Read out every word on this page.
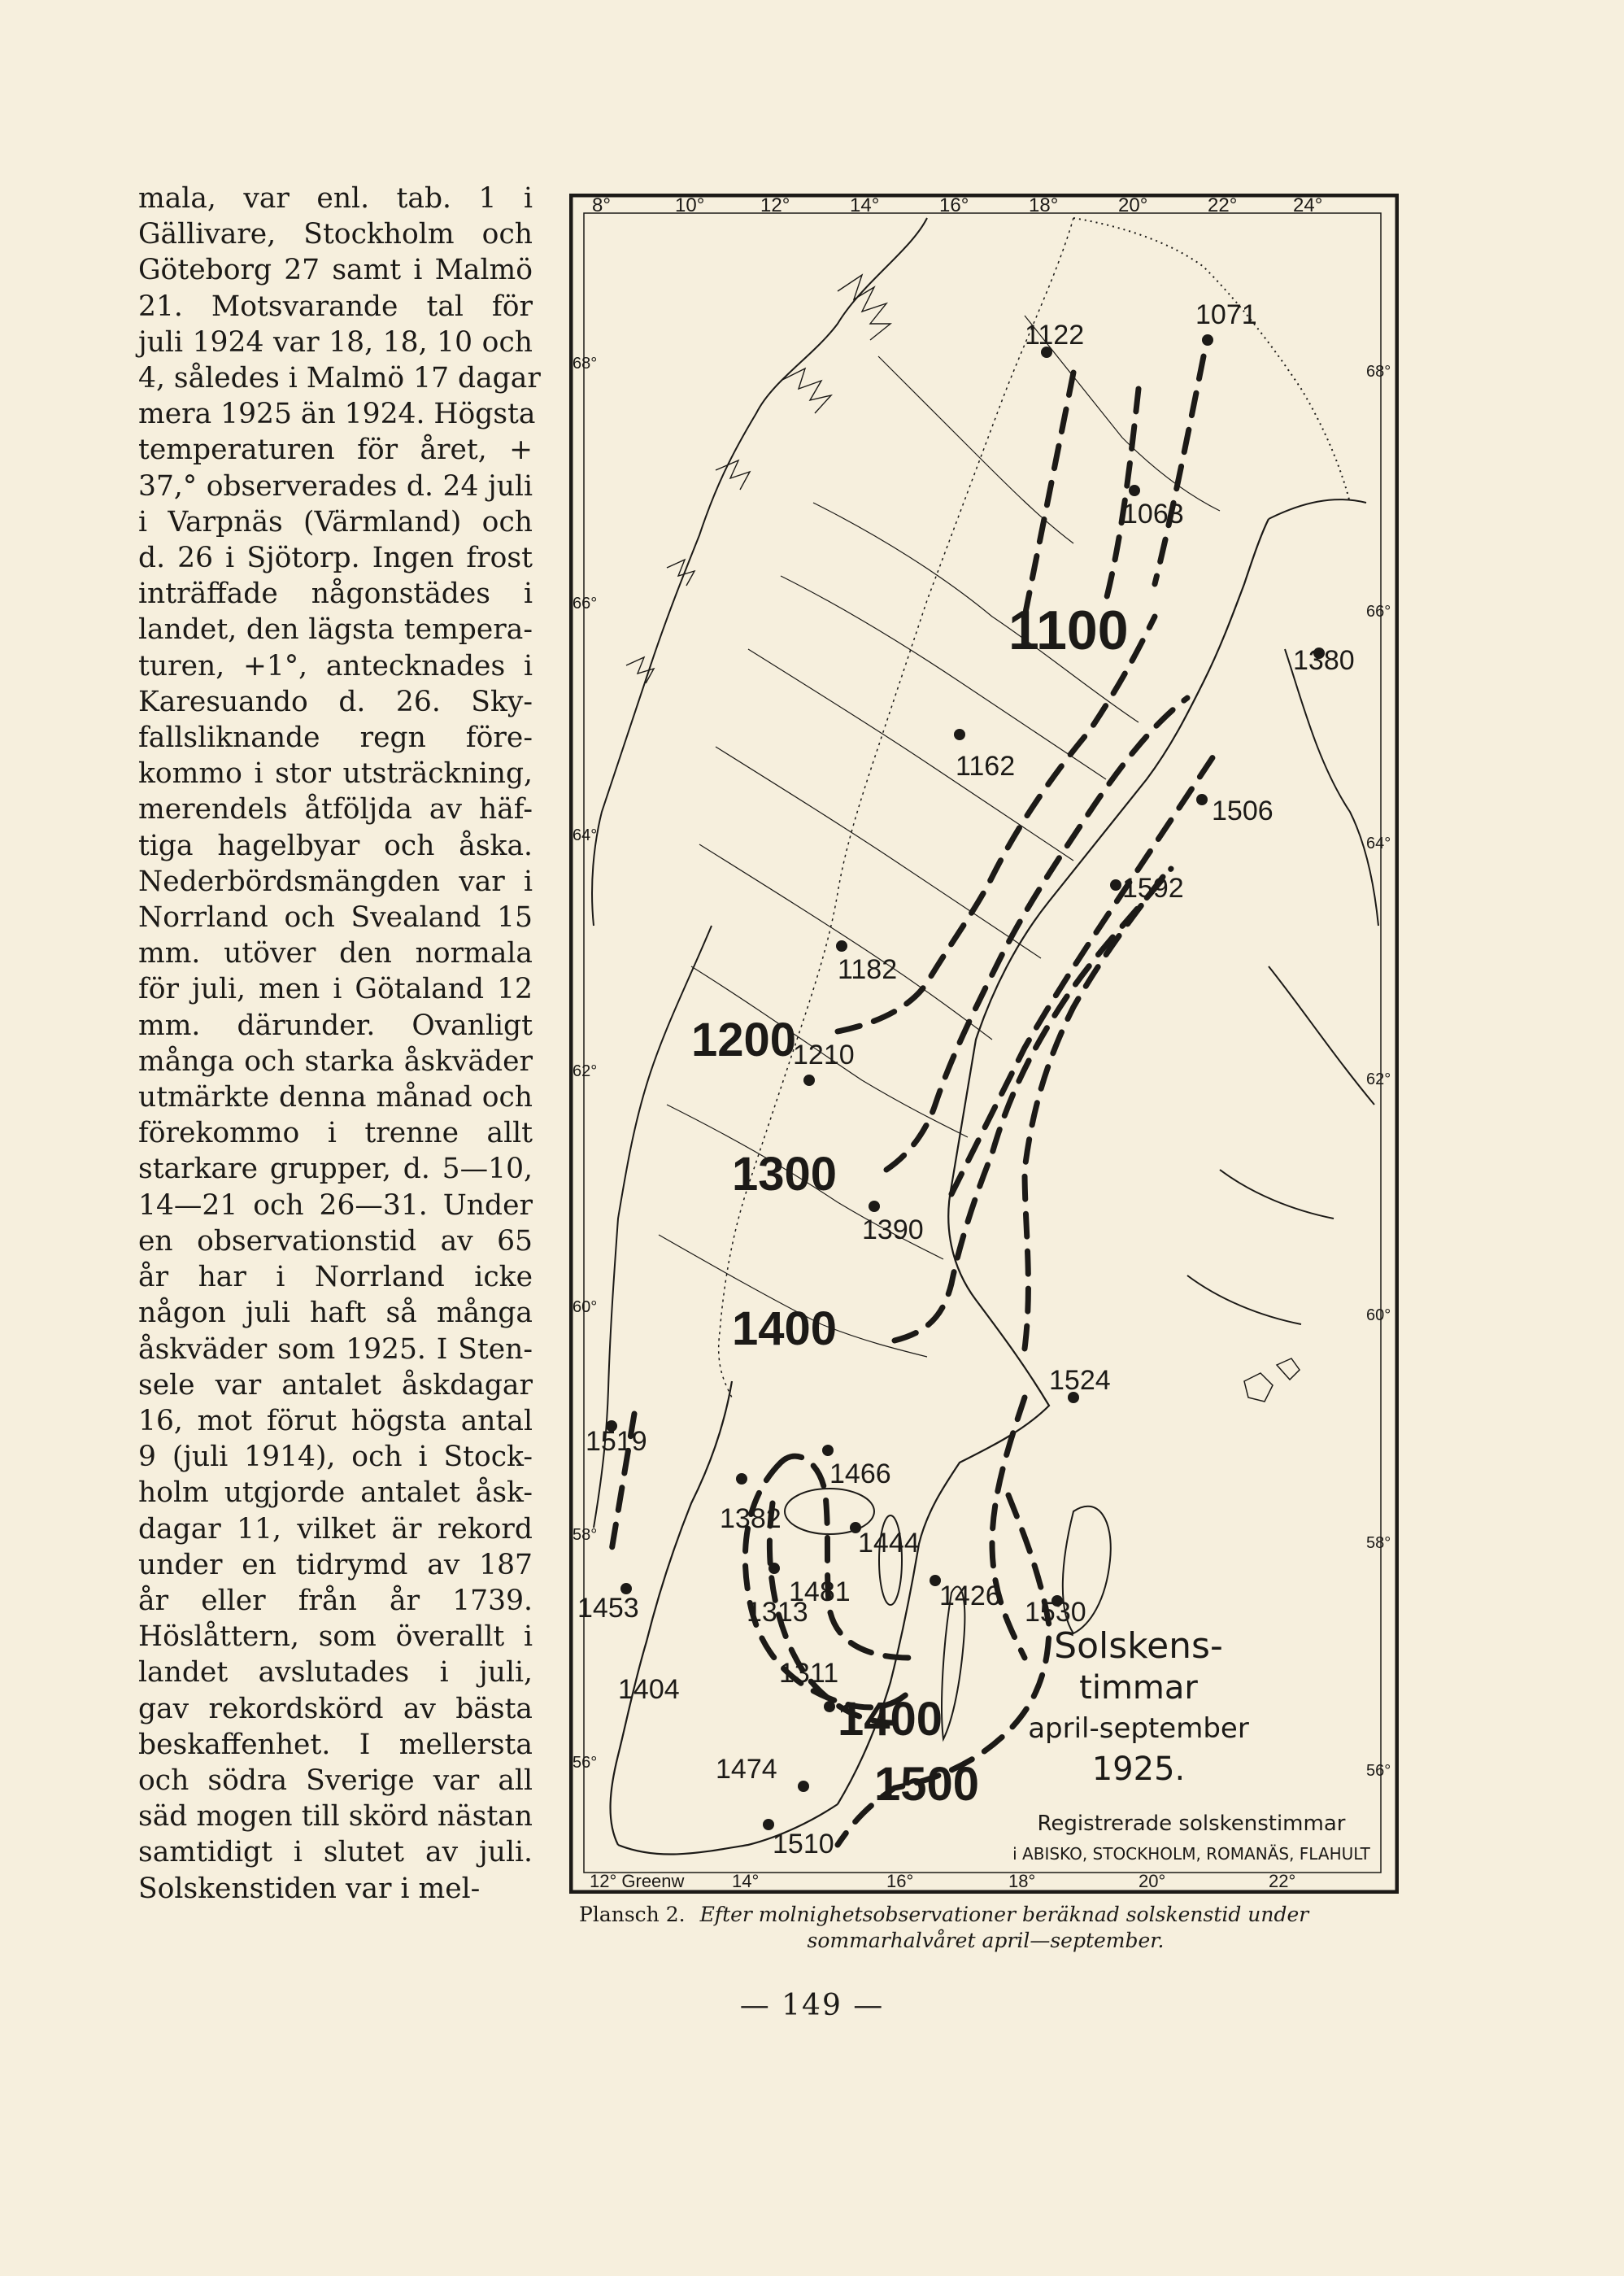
mala, var enl. tab. 1 i
Gällivare, Stockholm och
Göteborg 27 samt i Malmö
21. Motsvarande tal för
juli 1924 var 18, 18, 10 och
4, således i Malmö 17 dagar
mera 1925 än 1924. Högsta
temperaturen för året, +
37,° observerades d. 24 juli
i Varpnäs (Värmland) och
d. 26 i Sjötorp. Ingen frost
inträffade någonstädes i
landet, den lägsta tempera-
turen, +1°, antecknades i
Karesuando d. 26. Sky-
fallsliknande regn före-
kommo i stor utsträckning,
merendels åtföljda av häf-
tiga hagelbyar och åska.
Nederbördsmängden var i
Norrland och Svealand 15
mm. utöver den normala
för juli, men i Götaland 12
mm. därunder. Ovanligt
många och starka åskväder
utmärkte denna månad och
förekommo i trenne allt
starkare grupper, d. 5—10,
14—21 och 26—31. Under
en observationstid av 65
år har i Norrland icke
någon juli haft så många
åskväder som 1925. I Sten-
sele var antalet åskdagar
16, mot förut högsta antal
9 (juli 1914), och i Stock-
holm utgjorde antalet åsk-
dagar 11, vilket är rekord
under en tidrymd av 187
år eller från år 1739.
Höslåttern, som överallt i
landet avslutades i juli,
gav rekordskörd av bästa
beskaffenhet. I mellersta
och södra Sverige var all
säd mogen till skörd nästan
samtidigt i slutet av juli.
Solskenstiden var i mel-
8°	10°	12°	14°	16°	18°	20°	22°	24°
12° Greenw	14°	16°	18°	20°	22°
68°
66°
64°
62°
60°
58°
56°
68°
66°
64°
62°
60°
58°
56°
1122
1071
1063
1380
1162
1506
1592
1182
1210
1390
1524
1519
1466
1382
1444
1481	1426
1453	1313	1530
1311
1404
1474
1510
1100
1200
1300
1400
1400
1500
Solskens-
timmar
april-september
1925.
Registrerade solskenstimmar
i ABISKO, STOCKHOLM, ROMANÄS, FLAHULT
Plansch 2. Efter molnighetsobservationer beräknad solskenstid under
sommarhalvåret april—september.
— 149 —
